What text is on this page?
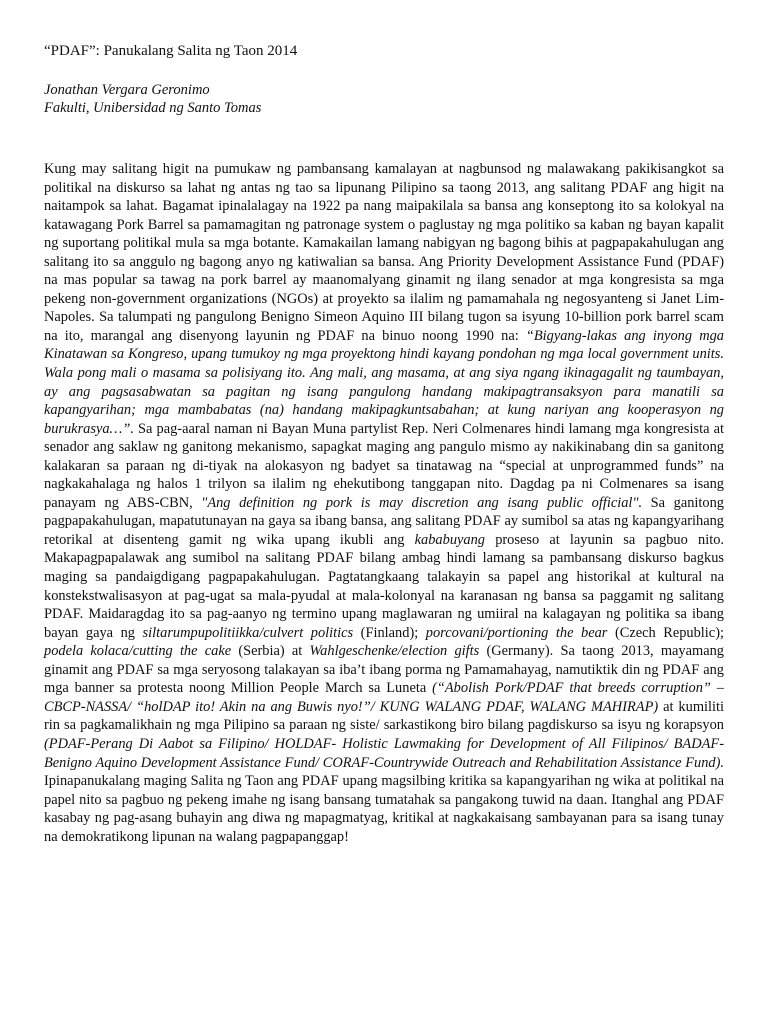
“PDAF”: Panukalang Salita ng Taon 2014

Jonathan Vergara Geronimo

Fakulti, Unibersidad ng Santo Tomas

Kung may salitang higit na pumukaw ng pambansang kamalayan at nagbunsod ng malawakang pakikisangkot sa politikal na diskurso sa lahat ng antas ng tao sa lipunang Pilipino sa taong 2013, ang salitang PDAF ang higit na naitampok sa lahat. Bagamat ipinalalagay na 1922 pa nang maipakilala sa bansa ang konseptong ito sa kolokyal na katawagang Pork Barrel sa pamamagitan ng patronage system o paglustay ng mga politiko sa kaban ng bayan kapalit ng suportang politikal mula sa mga botante. Kamakailan lamang nabigyan ng bagong bihis at pagpapakahulugan ang salitang ito sa anggulo ng bagong anyo ng katiwalian sa bansa. Ang Priority Development Assistance Fund (PDAF) na mas popular sa tawag na pork barrel ay maanomalyang ginamit ng ilang senador at mga kongresista sa mga pekeng non-government organizations (NGOs) at proyekto sa ilalim ng pamamahala ng negosyanteng si Janet Lim-Napoles. Sa talumpati ng pangulong Benigno Simeon Aquino III bilang tugon sa isyung 10-billion pork barrel scam na ito, marangal ang disenyong layunin ng PDAF na binuo noong 1990 na: “Bigyang-lakas ang inyong mga Kinatawan sa Kongreso, upang tumukoy ng mga proyektong hindi kayang pondohan ng mga local government units. Wala pong mali o masama sa polisiyang ito. Ang mali, ang masama, at ang siya ngang ikinagagalit ng taumbayan, ay ang pagsasabwatan sa pagitan ng isang pangulong handang makipagtransaksyon para manatili sa kapangyarihan; mga mambabatas (na) handang makipagkuntsabahan; at kung nariyan ang kooperasyon ng burukrasya…”. Sa pag-aaral naman ni Bayan Muna partylist Rep. Neri Colmenares hindi lamang mga kongresista at senador ang saklaw ng ganitong mekanismo, sapagkat maging ang pangulo mismo ay nakikinabang din sa ganitong kalakaran sa paraan ng di-tiyak na alokasyon ng badyet sa tinatawag na “special at unprogrammed funds” na nagkakahalaga ng halos 1 trilyon sa ilalim ng ehekutibong tanggapan nito. Dagdag pa ni Colmenares sa isang panayam ng ABS-CBN, "Ang definition ng pork is may discretion ang isang public official". Sa ganitong pagpapakahulugan, mapatutunayan na gaya sa ibang bansa, ang salitang PDAF ay sumibol sa atas ng kapangyarihang retorikal at disenteng gamit ng wika upang ikubli ang kababuyang proseso at layunin sa pagbuo nito. Makapagpapalawak ang sumibol na salitang PDAF bilang ambag hindi lamang sa pambansang diskurso bagkus maging sa pandaigdigang pagpapakahulugan. Pagtatangkaang talakayin sa papel ang historikal at kultural na konstekstwalisasyon at pag-ugat sa mala-pyudal at mala-kolonyal na karanasan ng bansa sa paggamit ng salitang PDAF. Maidaragdag ito sa pag-aanyo ng termino upang maglawaran ng umiiral na kalagayan ng politika sa ibang bayan gaya ng siltarumpupolitiikka/culvert politics (Finland); porcovani/portioning the bear (Czech Republic); podela kolaca/cutting the cake (Serbia) at Wahlgeschenke/election gifts (Germany). Sa taong 2013, mayamang ginamit ang PDAF sa mga seryosong talakayan sa iba’t ibang porma ng Pamamahayag, namutiktik din ng PDAF ang mga banner sa protesta noong Million People March sa Luneta (“Abolish Pork/PDAF that breeds corruption” – CBCP-NASSA/ “holDAP ito! Akin na ang Buwis nyo!”/ KUNG WALANG PDAF, WALANG MAHIRAP) at kumiliti rin sa pagkamalikhain ng mga Pilipino sa paraan ng siste/ sarkastikong biro bilang pagdiskurso sa isyu ng korapsyon (PDAF-Perang Di Aabot sa Filipino/ HOLDAF- Holistic Lawmaking for Development of All Filipinos/ BADAF-Benigno Aquino Development Assistance Fund/ CORAF-Countrywide Outreach and Rehabilitation Assistance Fund). Ipinapanukalang maging Salita ng Taon ang PDAF upang magsilbing kritika sa kapangyarihan ng wika at politikal na papel nito sa pagbuo ng pekeng imahe ng isang bansang tumatahak sa pangakong tuwid na daan. Itanghal ang PDAF kasabay ng pag-asang buhayin ang diwa ng mapagmatyag, kritikal at nagkakaisang sambayanan para sa isang tunay na demokratikong lipunan na walang pagpapanggap!
